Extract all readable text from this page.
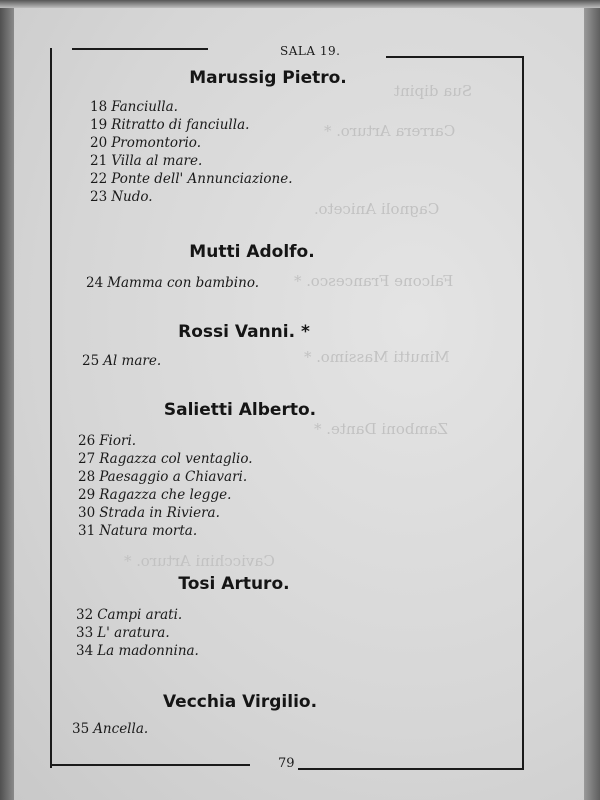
Sua dipint
Carrera Arturo. *
Cagnoli Aniceto.
Falcone Francesco. *
Minutti Massimo. *
Zamboni Dante. *
Cavicchini Arturo. *
SALA 19.
79
Marussig Pietro.
18 Fanciulla.
19 Ritratto di fanciulla.
20 Promontorio.
21 Villa al mare.
22 Ponte dell' Annunciazione.
23 Nudo.
Mutti Adolfo.
24 Mamma con bambino.
Rossi Vanni. *
25 Al mare.
Salietti Alberto.
26 Fiori.
27 Ragazza col ventaglio.
28 Paesaggio a Chiavari.
29 Ragazza che legge.
30 Strada in Riviera.
31 Natura morta.
Tosi Arturo.
32 Campi arati.
33 L' aratura.
34 La madonnina.
Vecchia Virgilio.
35 Ancella.
